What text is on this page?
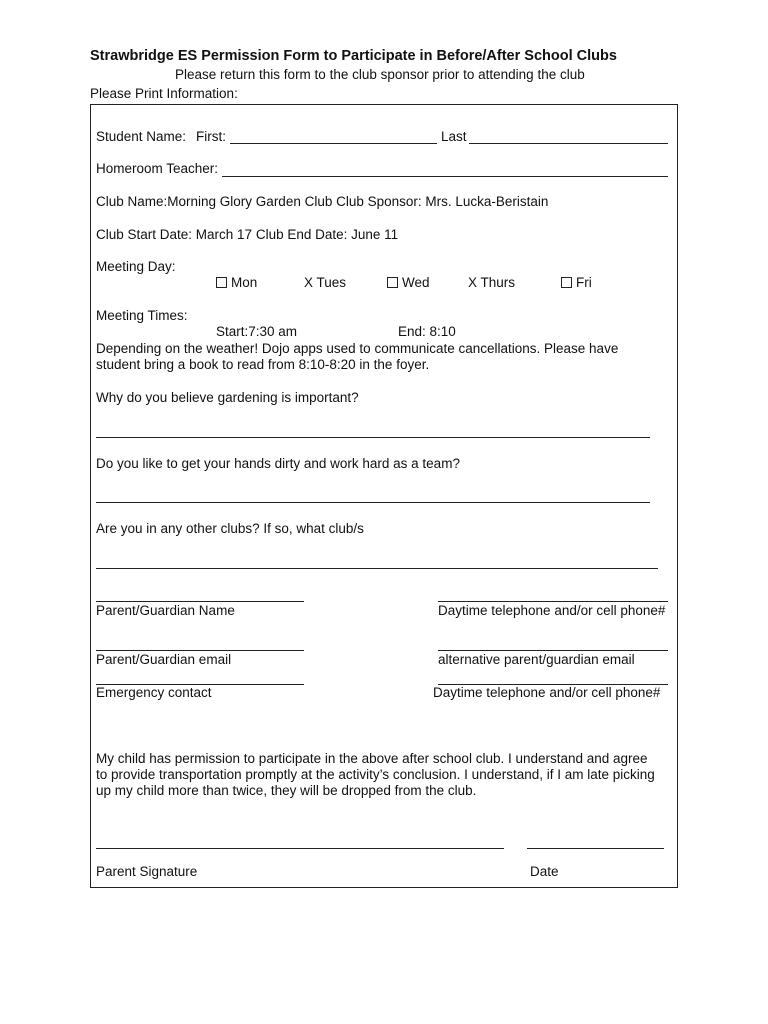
Strawbridge ES Permission Form to Participate in Before/After School Clubs
Please return this form to the club sponsor prior to attending the club
Please Print Information:
Student Name: First:	Last
Homeroom Teacher:
Club Name:Morning Glory Garden Club Club Sponsor: Mrs. Lucka-Beristain
Club Start Date: March 17 Club End Date: June 11
Meeting Day:
Mon	X Tues	Wed	X Thurs	Fri
Meeting Times:
Start:7:30 am	End: 8:10
Depending on the weather! Dojo apps used to communicate cancellations. Please have
student bring a book to read from 8:10-8:20 in the foyer.
Why do you believe gardening is important?
Do you like to get your hands dirty and work hard as a team?
Are you in any other clubs? If so, what club/s
Parent/Guardian Name	Daytime telephone and/or cell phone#
Parent/Guardian email	alternative parent/guardian email
Emergency contact	Daytime telephone and/or cell phone#
My child has permission to participate in the above after school club. I understand and agree
to provide transportation promptly at the activity’s conclusion. I understand, if I am late picking
up my child more than twice, they will be dropped from the club.
Parent Signature	Date
